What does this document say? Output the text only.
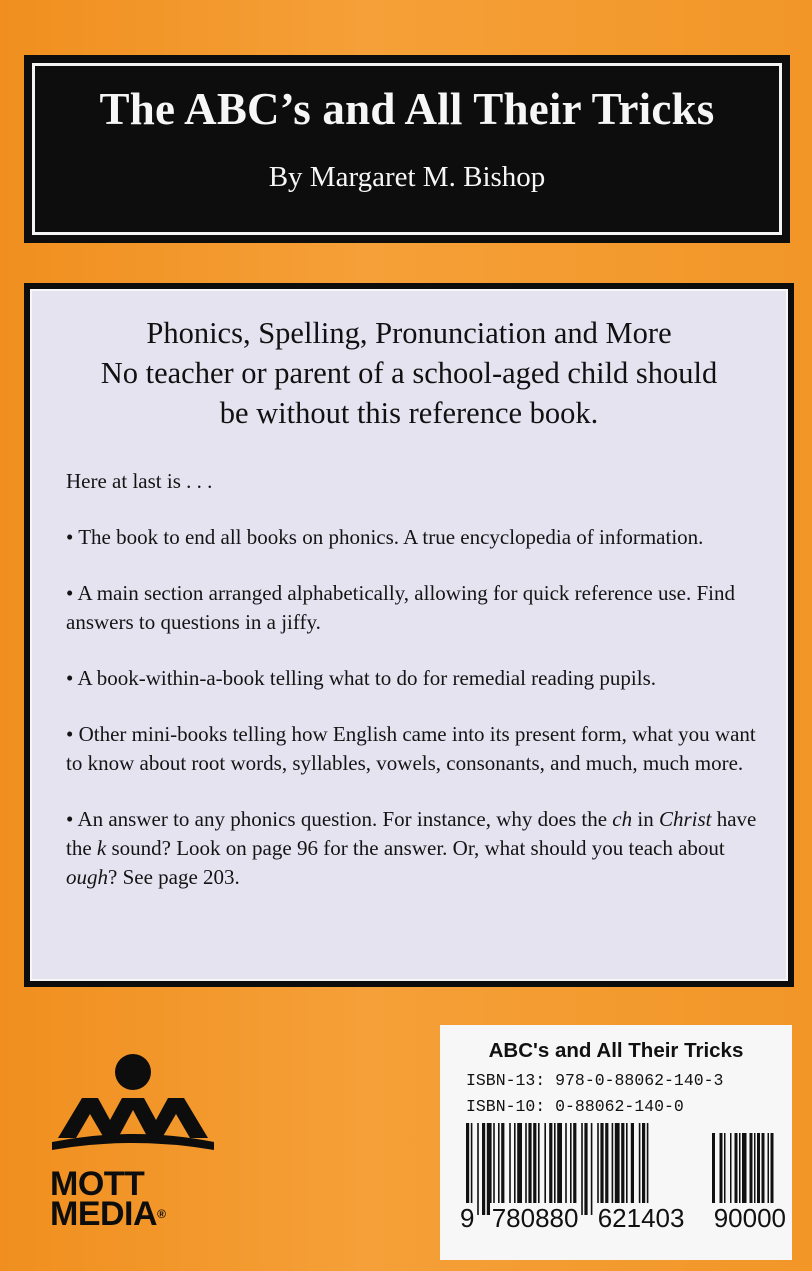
The ABC’s and All Their Tricks
By Margaret M. Bishop
Phonics, Spelling, Pronunciation and More
No teacher or parent of a school-aged child should
be without this reference book.
Here at last is . . .

• The book to end all books on phonics. A true encyclopedia of information.

• A main section arranged alphabetically, allowing for quick reference use. Find answers to questions in a jiffy.

• A book-within-a-book telling what to do for remedial reading pupils.

• Other mini-books telling how English came into its present form, what you want to know about root words, syllables, vowels, consonants, and much, much more.

• An answer to any phonics question. For instance, why does the ch in Christ have the k sound? Look on page 96 for the answer. Or, what should you teach about ough? See page 203.

MOTT
MEDIA®
ABC's and All Their Tricks
ISBN-13: 978-0-88062-140-3
ISBN-10: 0-88062-140-0
9 780880 621403 90000
